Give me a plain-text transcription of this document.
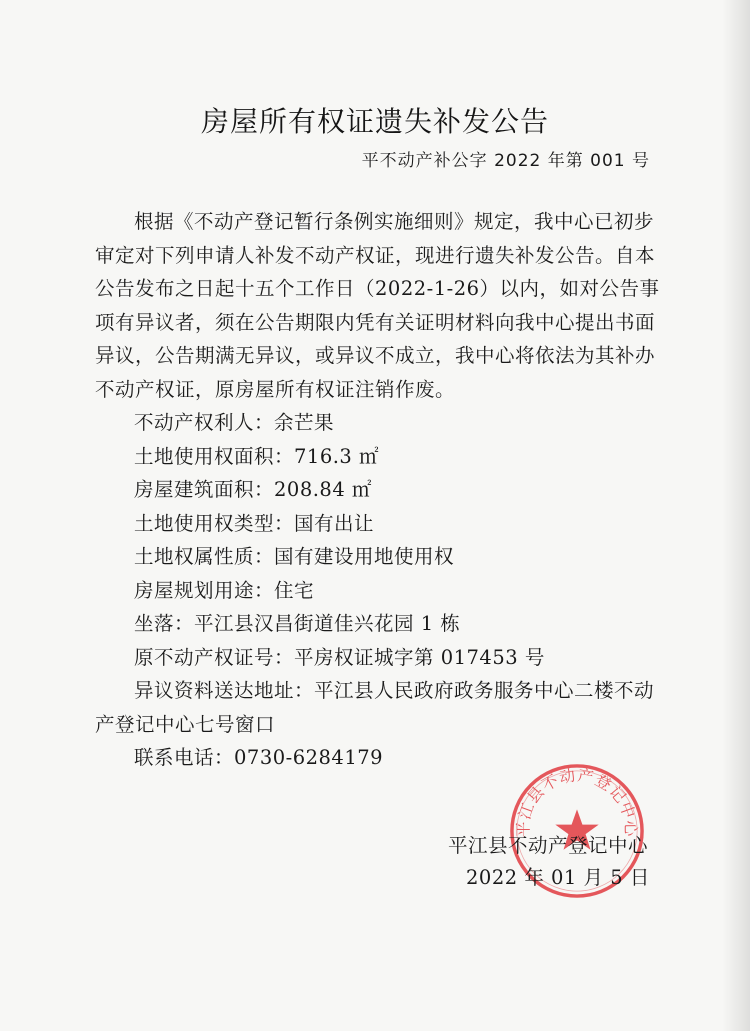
房屋所有权证遗失补发公告
平不动产补公字 2022 年第 001 号

根据《不动产登记暂行条例实施细则》规定，我中心已初步审定对下列申请人补发不动产权证，现进行遗失补发公告。自本公告发布之日起十五个工作日（2022-1-26）以内，如对公告事项有异议者，须在公告期限内凭有关证明材料向我中心提出书面异议，公告期满无异议，或异议不成立，我中心将依法为其补办不动产权证，原房屋所有权证注销作废。

不动产权利人：余芒果

土地使用权面积：716.3 ㎡

房屋建筑面积：208.84 ㎡

土地使用权类型：国有出让

土地权属性质：国有建设用地使用权

房屋规划用途：住宅

坐落：平江县汉昌街道佳兴花园 1 栋

原不动产权证号：平房权证城字第 017453 号

异议资料送达地址：平江县人民政府政务服务中心二楼不动产登记中心七号窗口

联系电话：0730-6284179

平江县不动产登记中心
平江县不动产登记中心
2022 年 01 月 5 日
